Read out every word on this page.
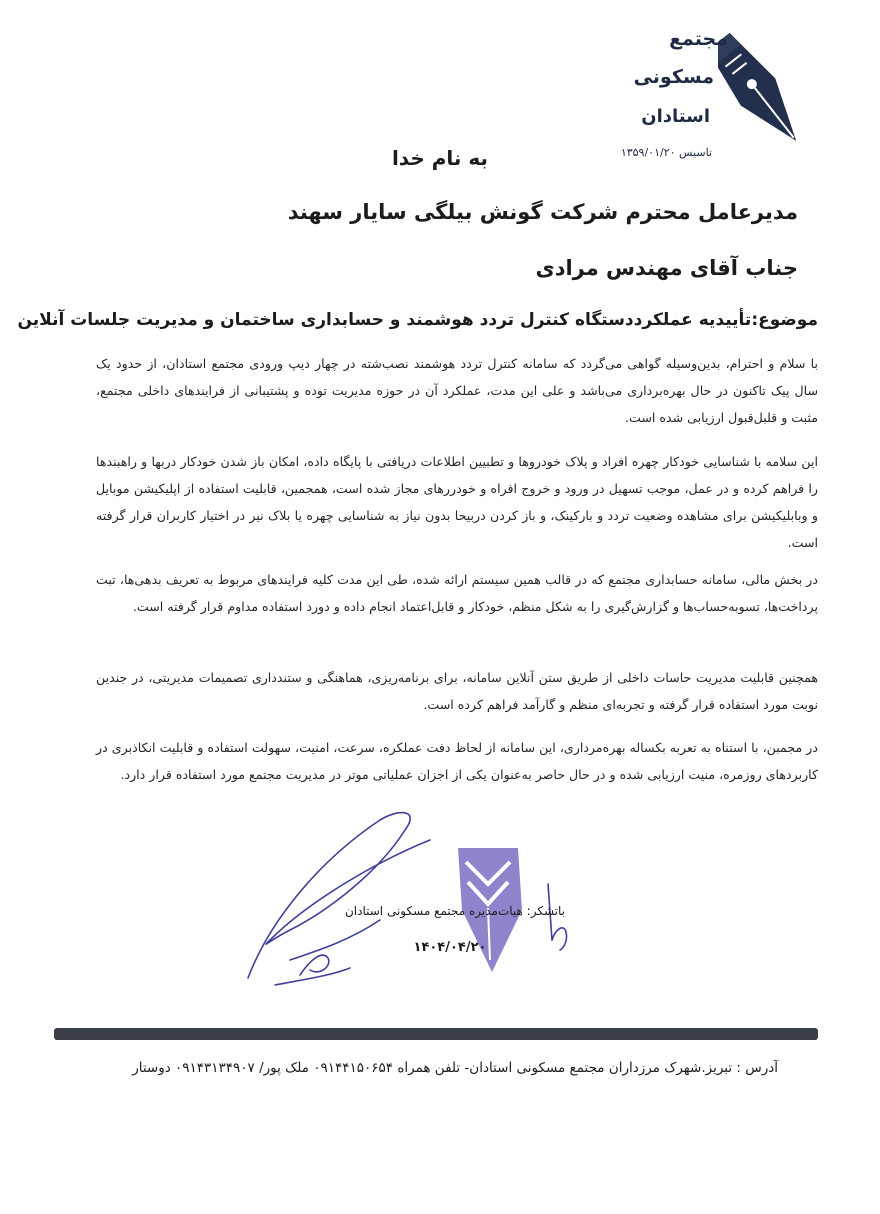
مجتمع
مسکونی
استادان
تاسیس ۱۳۵۹/۰۱/۲۰
به نام خدا
مدیرعامل محترم شرکت گونش بیلگی سایار سهند
جناب آقای مهندس مرادی
موضوع:تأییدیه عملکرددستگاه کنترل تردد هوشمند و حسابداری ساختمان و مدیریت جلسات آنلاین
با سلام و احترام، بدین‌وسیله گواهی می‌گردد که سامانه کنترل تردد هوشمند نصب‌شته در چهار دیپ ورودی مجتمع استادان، از حدود یک سال پیک تاکنون در حال بهره‌برداری می‌باشد و علی این مدت، عملکرد آن در حوزه مدیریت توده و پشتیبانی از فرایندهای داخلی مجتمع، مثبت و قلبل‌قبول ارزیابی شده است.
این سلامه با شناسایی خودکار چهره افراد و پلاک خودروها و تطبیین اطلاعات دریافتی با پایگاه داده، امکان باز شدن خودکار دربها و راهبندها را فراهم کرده و در عمل، موجب تسهیل در ورود و خروج افراه و خودررهای مجاز شده است، همجمین، قابلیت استفاده از اپلیکیشن موبایل و وبابلیکیشن برای مشاهده وضعیت تردد و بارکینک، و باز کردن دربیحا بدون نیاز به شناسایی چهره یا بلاک نیر در اختیار کاربران قرار گرفته است.
در بخش مالی، سامانه حسابداری مجتمع که در قالب همین سیستم ارائه شده، طی این مدت کلیه فرایندهای مربوط به تعریف بدهی‌ها، تبت پرداخت‌ها، تسوبه‌حساب‌ها و گزارش‌گیری را به شکل منظم، خودکار و قابل‌اعتماد انجام داده و دورد استفاده مداوم قرار گرفته است.
همچنین قابلیت مدیریت حاسات داخلی از طریق ستن آنلاین سامانه، برای برنامه‌ریزی، هماهنگی و ستندداری تصمیمات مدیریتی، در جندین نوبت مورد استفاده قرار گرفته و تجربه‌ای منظم و گارآمد فراهم کرده است.
در مجمبن، با استناه به تعربه بکساله بهره‌مرداری، این سامانه از لحاظ دفت عملکره، سرعت، امنیت، سهولت استفاده و قابلیت انکاذبری در کاربردهای روزمره، منیت ارزیابی شده و در حال حاصر به‌عنوان یکی از اجزان عملیاتی موتر در مدیریت مجتمع مورد استفاده قرار دارد.
باتشکر: هیات‌مدیره مجتمع مسکونی استادان
۱۴۰۴/۰۴/۲۰
آدرس : تبریز.شهرک مرزداران مجتمع مسکونی استادان- تلفن همراه ۰۹۱۴۴۱۵۰۶۵۴ ملک پور/ ۰۹۱۴۳۱۳۴۹۰۷ دوستار
